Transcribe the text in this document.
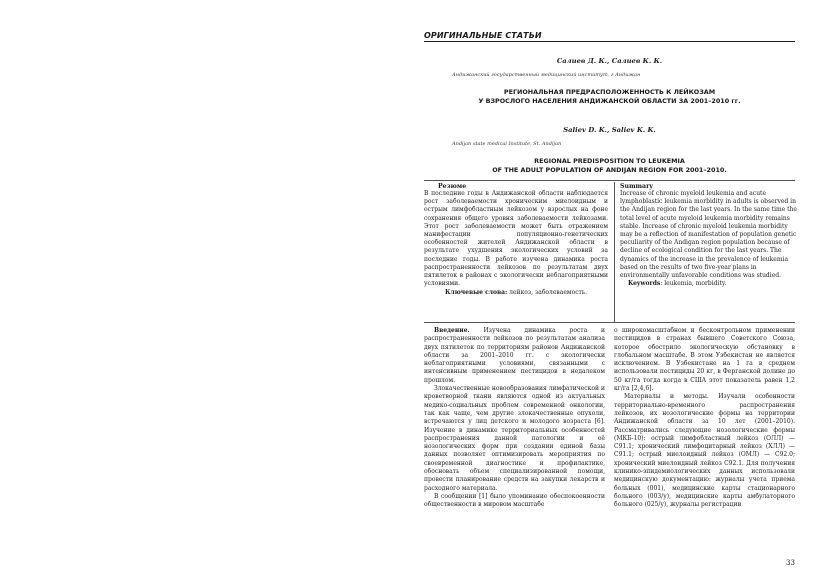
ОРИГИНАЛЬНЫЕ СТАТЬИ
Салиев Д. К., Салиев К. К.
Андижанский государственный медицинский институт, г Андижан
РЕГИОНАЛЬНАЯ ПРЕДРАСПОЛОЖЕННОСТЬ К ЛЕЙКОЗАМ
У ВЗРОСЛОГО НАСЕЛЕНИЯ АНДИЖАНСКОЙ ОБЛАСТИ ЗА 2001–2010 гг.
Saliev D. K., Saliev K. K.
Andijan state medical Institute, St. Andijan
REGIONAL PREDISPOSITION TO LEUKEMIA
OF THE ADULT POPULATION OF ANDIJAN REGION FOR 2001–2010.
Резюме
В последние годы в Андижанской области наблюдается рост заболеваемости хроническим миелоидным и острым лимфобластным лейкозом у взрослых на фоне сохранения общего уровня заболеваемости лейкозами. Этот рост заболеваемости может быть отражением манифестации популяционно-генетических особенностей жителей Андижанской области в результате ухудшения экологических условий за последние годы. В работе изучена динамика роста распространенности лейкозов по результатам двух пятилеток в районах с экологически неблагоприятными условиями.
Ключевые слова: лейкоз, заболеваемость.
Summary
Increase of chronic myeloid leukemia and acute lymphoblastic leukemia morbidity in adults is observed in the Andijan region for the last years. In the same time the total level of acute myeloid leukemia morbidity remains stable. Increase of chronic myeloid leukemia morbidity may be a reflection of manifestation of population genetic peculiarity of the Andigan region population because of decline of ecological condition for the last years. The dynamics of the increase in the prevalence of leukemia based on the results of two five-year plans in environmentally unfavorable conditions was studied.
Keywords: leukemia, morbidity.

Введение. Изучена динамика роста и распространенности лейкозов по результатам анализа двух пятилеток по территориям районов Андижанской области за 2001–2010 гг. с экологически неблагоприятными условиями, связанными с интенсивным применением пестицидов в недалеком прошлом.

Злокачественные новообразования лимфатической и кроветворной ткани являются одной из актуальных медико-социальных проблем современной онкологии, так как чаще, чем другие злокачественные опухоли, встречаются у лиц детского и молодого возраста [6]. Изучение в динамике территориальных особенностей распространения данной патологии и её нозологических форм при создании единой базы данных позволяет оптимизировать мероприятия по своевременной диагностике и профилактике, обосновать объем специализированной помощи, провести планирование средств на закупки лекарств и расходного материала.

В сообщении [1] было упоминание обеспокоенности общественности в мировом масштабе

о широкомасштабном и бесконтрольном применении пестицидов в странах бывшего Советского Союза, которое обострило экологическую обстановку в глобальном масштабе. В этом Узбекистан не является исключением. В Узбекистане на 1 га в среднем использовали пестициды 20 кг, в Ферганской долине до 50 кг/га тогда когда в США этот показатель равен 1,2 кг/га [2,4,6].

Материалы и методы. Изучали особенности территориально-временного распространения лейкозов, их нозологические формы на территории Андижанской области за 10 лет (2001–2010). Рассматривались следующие нозологические формы (МКБ-10): острый лимфобластный лейкоз (ОЛЛ) — С91.1; хронический лимфоцитарный лейкоз (ХЛЛ) — С91.1; острый миелоидный лейкоз (ОМЛ) — С92.0; хронический миелоидный лейкоз С92.1. Для получения клинико-эпидемиологических данных использовали медицинскую документацию: журналы учета приема больных (001), медицинские карты стационарного больного (003/у), медицинские карты амбулаторного больного (025/у), журналы регистрации

33
